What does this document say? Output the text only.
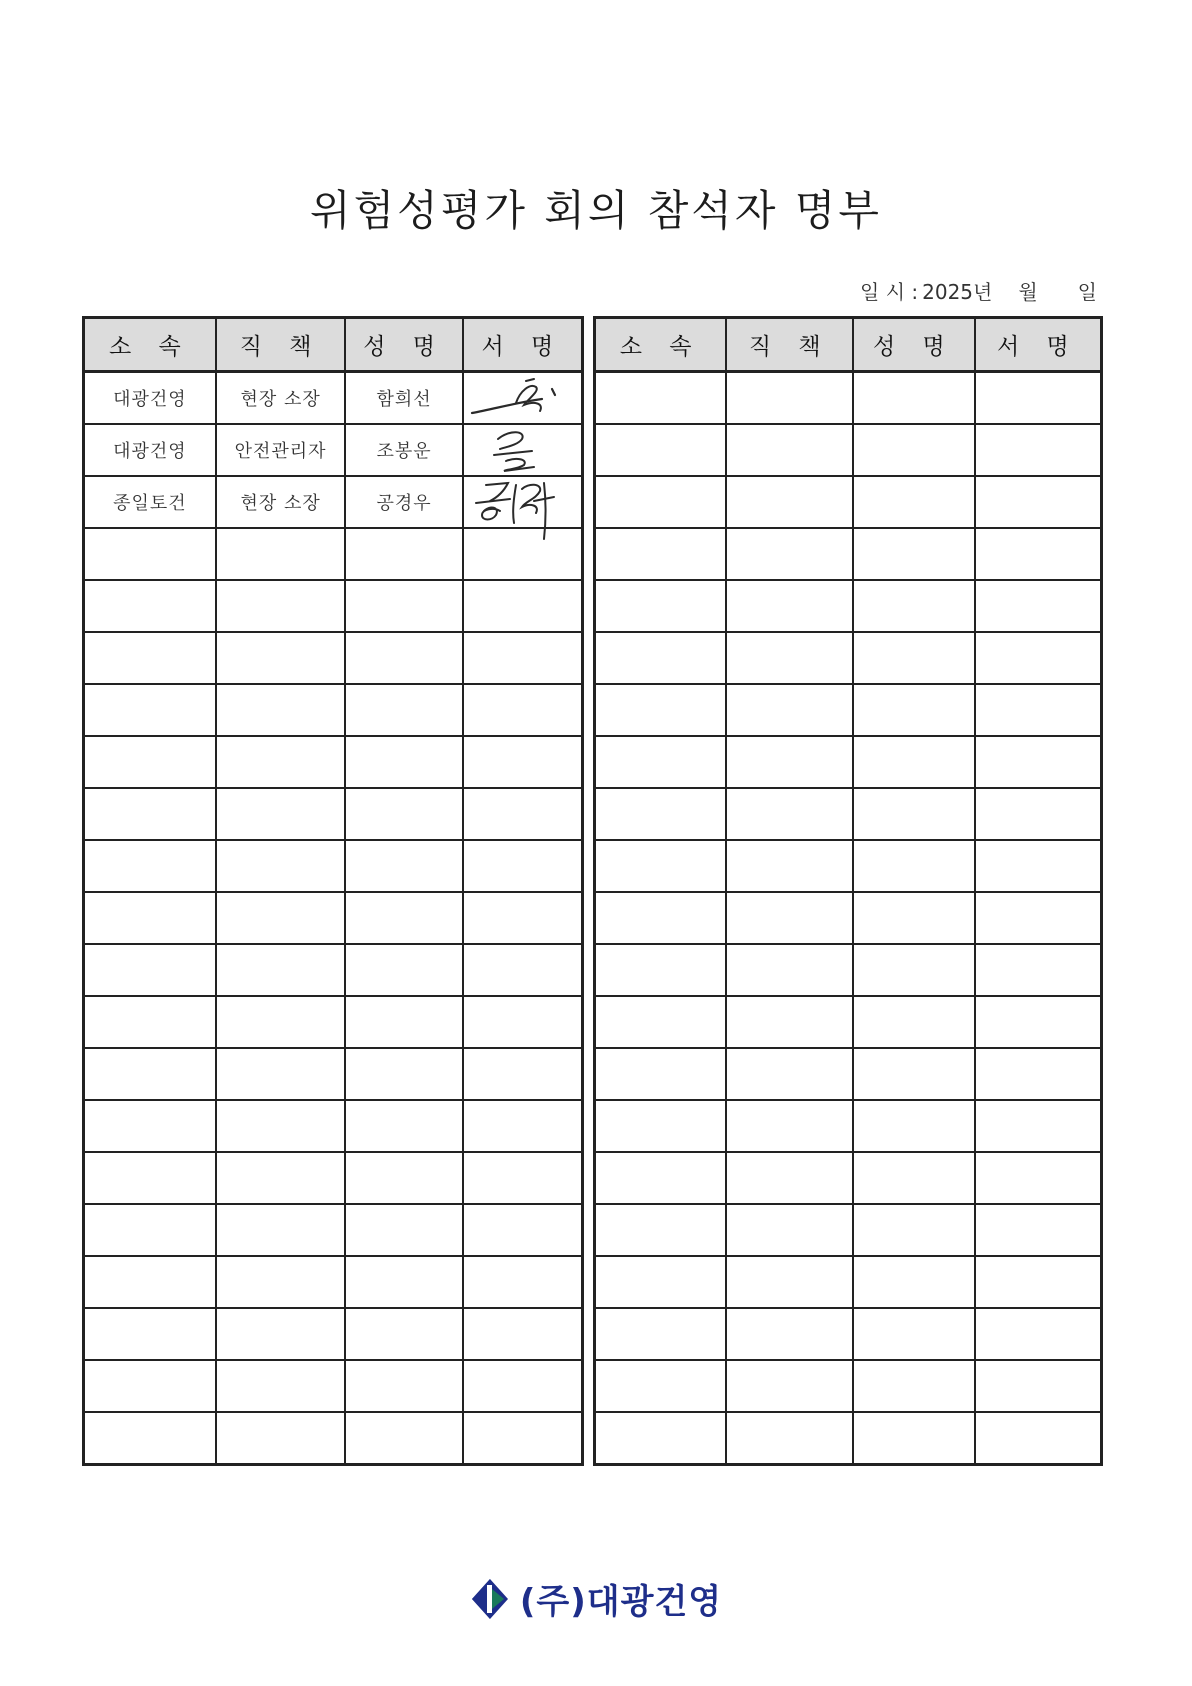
위험성평가 회의 참석자 명부
일 시 : 2025년 월 일
소 속	직 책	성 명	서 명
대광건영	현장 소장	함희선	

대광건영	안전관리자	조봉운	

종일토건	현장 소장	공경우	

소 속	직 책	성 명	서 명

(주)대광건영
